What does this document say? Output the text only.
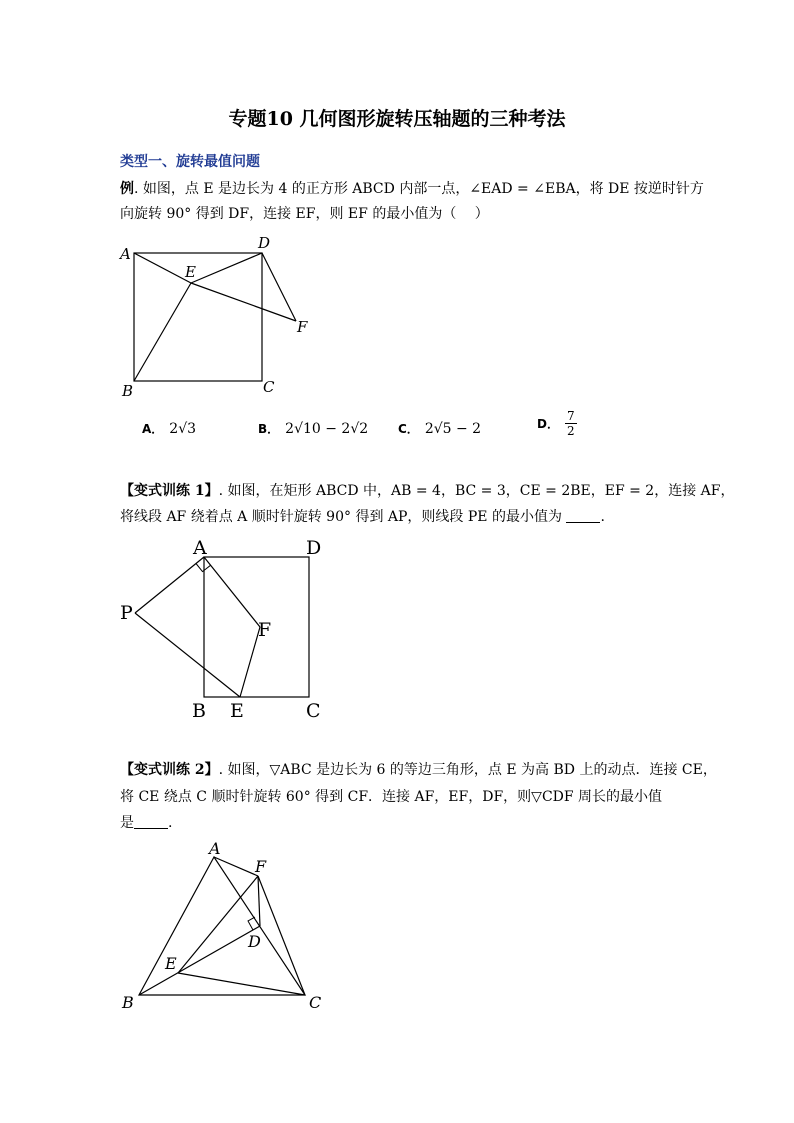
专题10 几何图形旋转压轴题的三种考法
类型一、旋转最值问题
例. 如图，点 E 是边长为 4 的正方形 ABCD 内部一点，∠EAD = ∠EBA，将 DE 按逆时针方
向旋转 90° 得到 DF，连接 EF，则 EF 的最小值为（　 ）
A
D
E
F
B	C
A． 2√3	B． 2√10 − 2√2 C． 2√5 − 2	D． $\frac{7}{2}$
【变式训练 1】. 如图，在矩形 ABCD 中，AB = 4，BC = 3，CE = 2BE，EF = 2，连接 AF，
将线段 AF 绕着点 A 顺时针旋转 90° 得到 AP，则线段 PE 的最小值为	.
A	D
P
F
B E	C
【变式训练 2】. 如图，▽ABC 是边长为 6 的等边三角形，点 E 为高 BD 上的动点．连接 CE，
将 CE 绕点 C 顺时针旋转 60° 得到 CF．连接 AF，EF，DF，则▽CDF 周长的最小值
是 .
A
F
D
E
B	C
